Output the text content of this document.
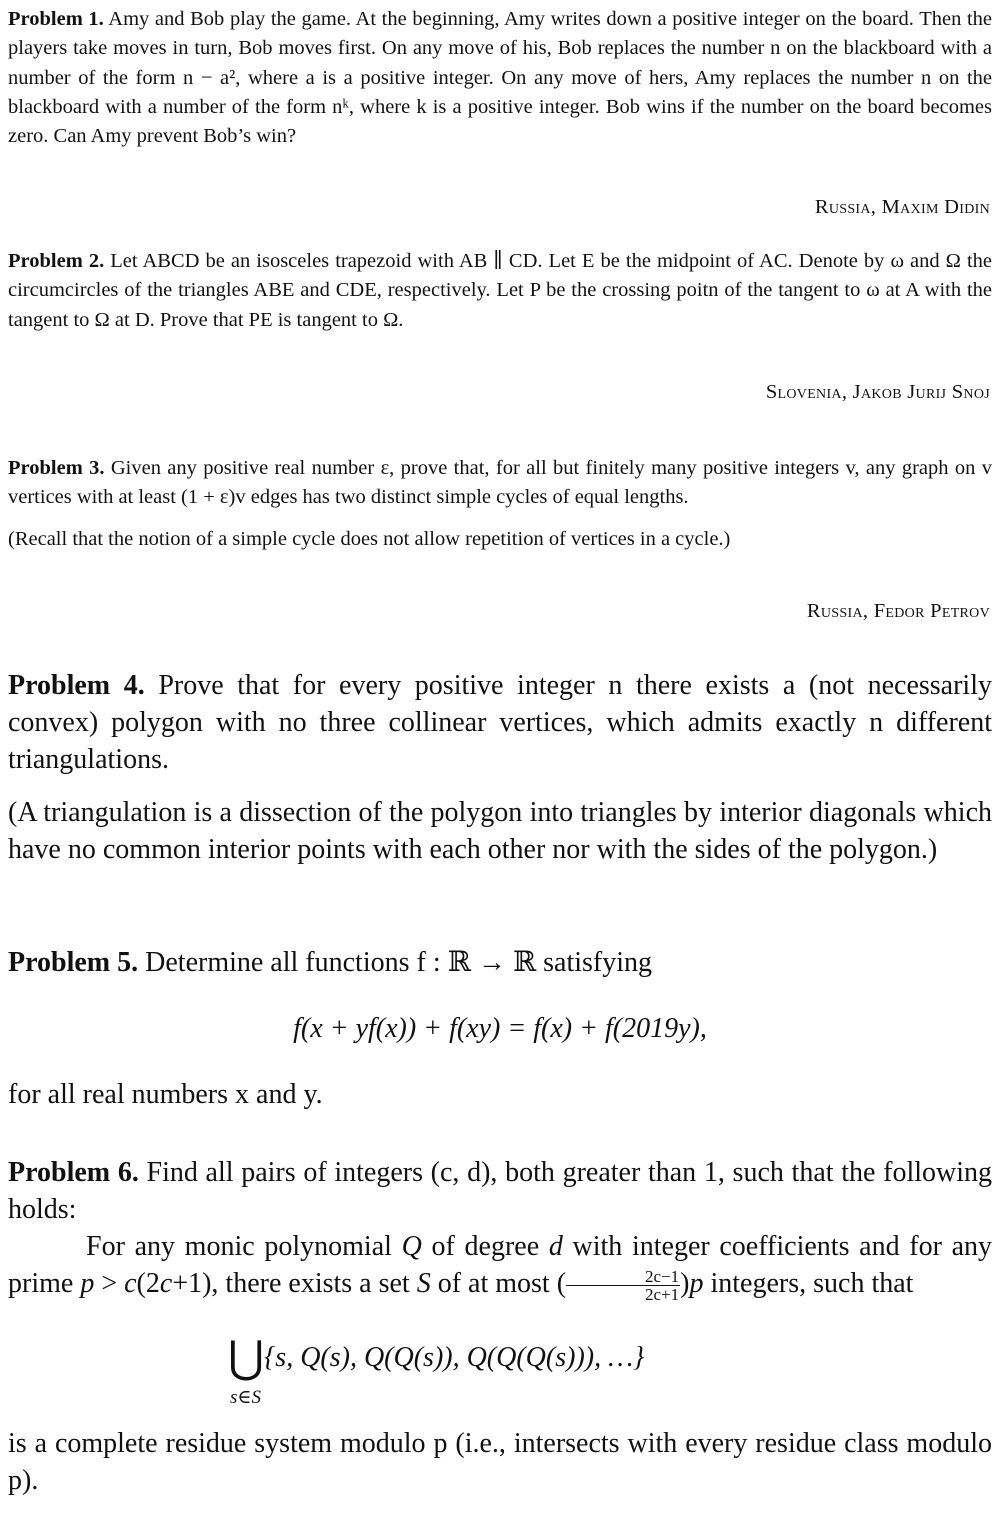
Problem 1. Amy and Bob play the game. At the beginning, Amy writes down a positive integer on the board. Then the players take moves in turn, Bob moves first. On any move of his, Bob replaces the number n on the blackboard with a number of the form n − a², where a is a positive integer. On any move of hers, Amy replaces the number n on the blackboard with a number of the form nᵏ, where k is a positive integer. Bob wins if the number on the board becomes zero. Can Amy prevent Bob’s win?

Russia, Maxim Didin

Problem 2. Let ABCD be an isosceles trapezoid with AB ∥ CD. Let E be the midpoint of AC. Denote by ω and Ω the circumcircles of the triangles ABE and CDE, respectively. Let P be the crossing poitn of the tangent to ω at A with the tangent to Ω at D. Prove that PE is tangent to Ω.

Slovenia, Jakob Jurij Snoj

Problem 3. Given any positive real number ε, prove that, for all but finitely many positive integers v, any graph on v vertices with at least (1 + ε)v edges has two distinct simple cycles of equal lengths.

(Recall that the notion of a simple cycle does not allow repetition of vertices in a cycle.)

Russia, Fedor Petrov

Problem 4. Prove that for every positive integer n there exists a (not necessarily convex) polygon with no three collinear vertices, which admits exactly n different triangulations.

(A triangulation is a dissection of the polygon into triangles by interior diagonals which have no common interior points with each other nor with the sides of the polygon.)

Problem 5. Determine all functions f : ℝ → ℝ satisfying

f(x + yf(x)) + f(xy) = f(x) + f(2019y),

for all real numbers x and y.

Problem 6. Find all pairs of integers (c, d), both greater than 1, such that the following holds:

For any monic polynomial Q of degree d with integer coefficients and for any prime p > c(2c+1), there exists a set S of at most ( $\frac{2c-1}{2c+1} )p$ integers, such that

⋃{s, Q(s), Q(Q(s)), Q(Q(Q(s))), …}
s∈S

is a complete residue system modulo p (i.e., intersects with every residue class modulo p).
